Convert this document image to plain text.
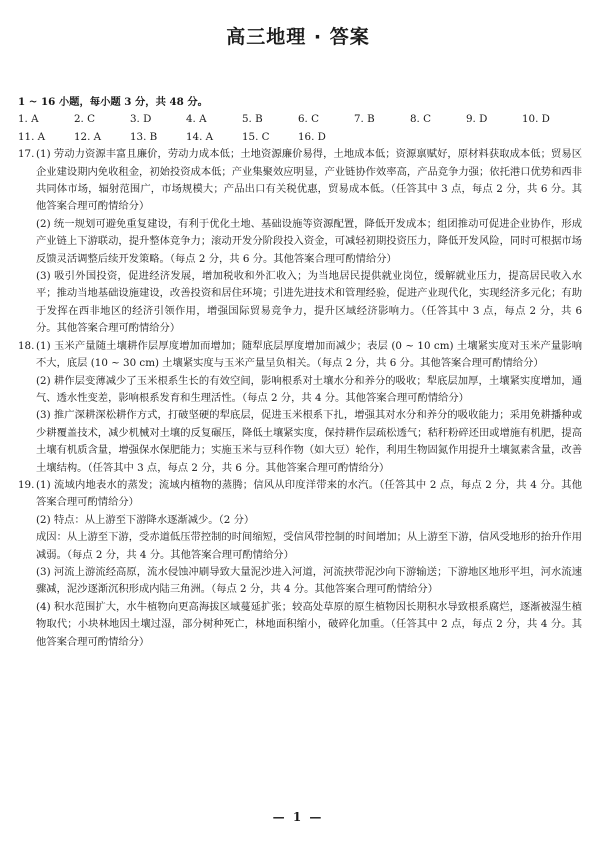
高三地理 · 答案
1 ~ 16 小题，每小题 3 分，共 48 分。
1. A	2. C	3. D	4. A	5. B	6. C	7. B	8. C	9. D	10. D
11. A	12. A	13. B	14. A	15. C	16. D
17. (1) 劳动力资源丰富且廉价，劳动力成本低；土地资源廉价易得，土地成本低；资源禀赋好，原材料获取成本低；贸易区企业建设期内免收租金，初始投资成本低；产业集聚效应明显，产业链协作效率高，产品竞争力强；依托港口优势和西非共同体市场，辐射范围广，市场规模大；产品出口有关税优惠，贸易成本低。（任答其中 3 点，每点 2 分，共 6 分。其他答案合理可酌情给分）

(2) 统一规划可避免重复建设，有利于优化土地、基础设施等资源配置，降低开发成本；组团推动可促进企业协作，形成产业链上下游联动，提升整体竞争力；滚动开发分阶段投入资金，可减轻初期投资压力，降低开发风险，同时可根据市场反馈灵活调整后续开发策略。（每点 2 分，共 6 分。其他答案合理可酌情给分）

(3) 吸引外国投资，促进经济发展，增加税收和外汇收入；为当地居民提供就业岗位，缓解就业压力，提高居民收入水平；推动当地基础设施建设，改善投资和居住环境；引进先进技术和管理经验，促进产业现代化，实现经济多元化；有助于发挥在西非地区的经济引领作用，增强国际贸易竞争力，提升区域经济影响力。（任答其中 3 点，每点 2 分，共 6 分。其他答案合理可酌情给分）

18. (1) 玉米产量随土壤耕作层厚度增加而增加；随犁底层厚度增加而减少；表层 (0 ~ 10 cm) 土壤紧实度对玉米产量影响不大，底层 (10 ~ 30 cm) 土壤紧实度与玉米产量呈负相关。（每点 2 分，共 6 分。其他答案合理可酌情给分）

(2) 耕作层变薄减少了玉米根系生长的有效空间，影响根系对土壤水分和养分的吸收；犁底层加厚，土壤紧实度增加，通气、透水性变差，影响根系发育和生理活性。（每点 2 分，共 4 分。其他答案合理可酌情给分）

(3) 推广深耕深松耕作方式，打破坚硬的犁底层，促进玉米根系下扎，增强其对水分和养分的吸收能力；采用免耕播种或少耕覆盖技术，减少机械对土壤的反复碾压，降低土壤紧实度，保持耕作层疏松透气；秸秆粉碎还田或增施有机肥，提高土壤有机质含量，增强保水保肥能力；实施玉米与豆科作物（如大豆）轮作，利用生物固氮作用提升土壤氮素含量，改善土壤结构。（任答其中 3 点，每点 2 分，共 6 分。其他答案合理可酌情给分）

19. (1) 流域内地表水的蒸发；流域内植物的蒸腾；信风从印度洋带来的水汽。（任答其中 2 点，每点 2 分，共 4 分。其他答案合理可酌情给分）

(2) 特点：从上游至下游降水逐渐减少。（2 分）

成因：从上游至下游，受赤道低压带控制的时间缩短，受信风带控制的时间增加；从上游至下游，信风受地形的抬升作用减弱。（每点 2 分，共 4 分。其他答案合理可酌情给分）

(3) 河流上游流经高原，流水侵蚀冲刷导致大量泥沙进入河道，河流挟带泥沙向下游输送；下游地区地形平坦，河水流速骤减，泥沙逐渐沉积形成内陆三角洲。（每点 2 分，共 4 分。其他答案合理可酌情给分）

(4) 积水范围扩大，水牛植物向更高海拔区域蔓延扩张；较高处草原的原生植物因长期积水导致根系腐烂，逐渐被湿生植物取代；小块林地因土壤过湿，部分树种死亡，林地面积缩小，破碎化加重。（任答其中 2 点，每点 2 分，共 4 分。其他答案合理可酌情给分）

— 1 —
